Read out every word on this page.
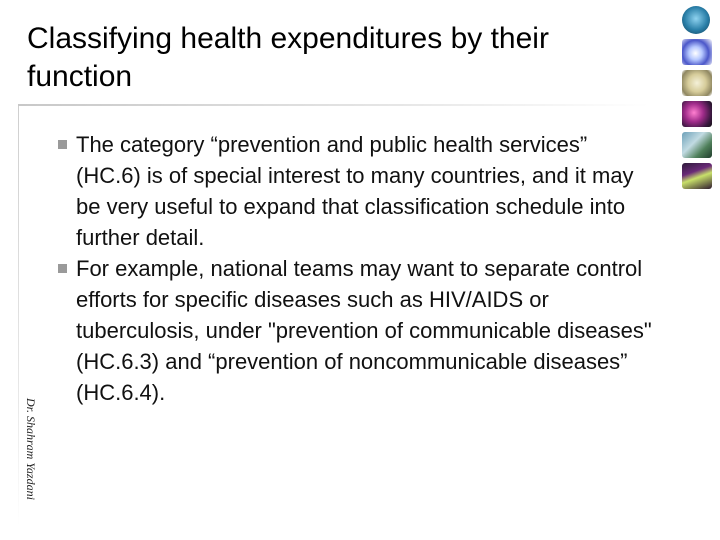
Classifying health expenditures by their function
Dr. Shahram Yazdani
The category “prevention and public health services” (HC.6) is of special interest to many countries, and it may be very useful to expand that classification schedule into further detail.
For example, national teams may want to separate control efforts for specific diseases such as HIV/AIDS or tuberculosis, under "prevention of communicable diseases" (HC.6.3) and “prevention of noncommunicable diseases” (HC.6.4).
